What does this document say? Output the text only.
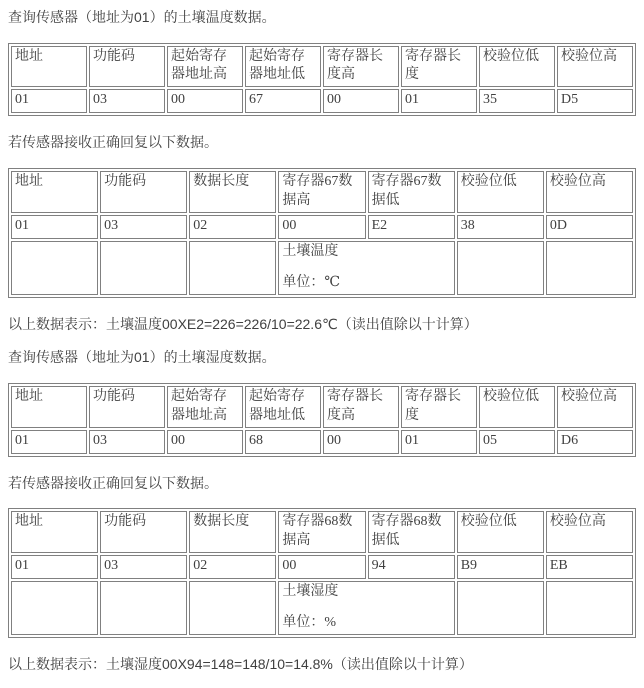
查询传感器（地址为01）的土壤温度数据。

地址	功能码	起始寄存器地址高	起始寄存器地址低	寄存器长度高	寄存器长度	校验位低	校验位高
01	03	00	67	00	01	35	D5

若传感器接收正确回复以下数据。

地址	功能码	数据长度	寄存器67数据高	寄存器67数据低	校验位低	校验位高
01	03	02	00	E2	38	0D

			土壤温度

单位：℃			

以上数据表示：土壤温度00XE2=226=226/10=22.6℃（读出值除以十计算）

查询传感器（地址为01）的土壤湿度数据。

地址	功能码	起始寄存器地址高	起始寄存器地址低	寄存器长度高	寄存器长度	校验位低	校验位高
01	03	00	68	00	01	05	D6

若传感器接收正确回复以下数据。

地址	功能码	数据长度	寄存器68数据高	寄存器68数据低	校验位低	校验位高
01	03	02	00	94	B9	EB

			土壤湿度

单位：%			

以上数据表示：土壤湿度00X94=148=148/10=14.8%（读出值除以十计算）
